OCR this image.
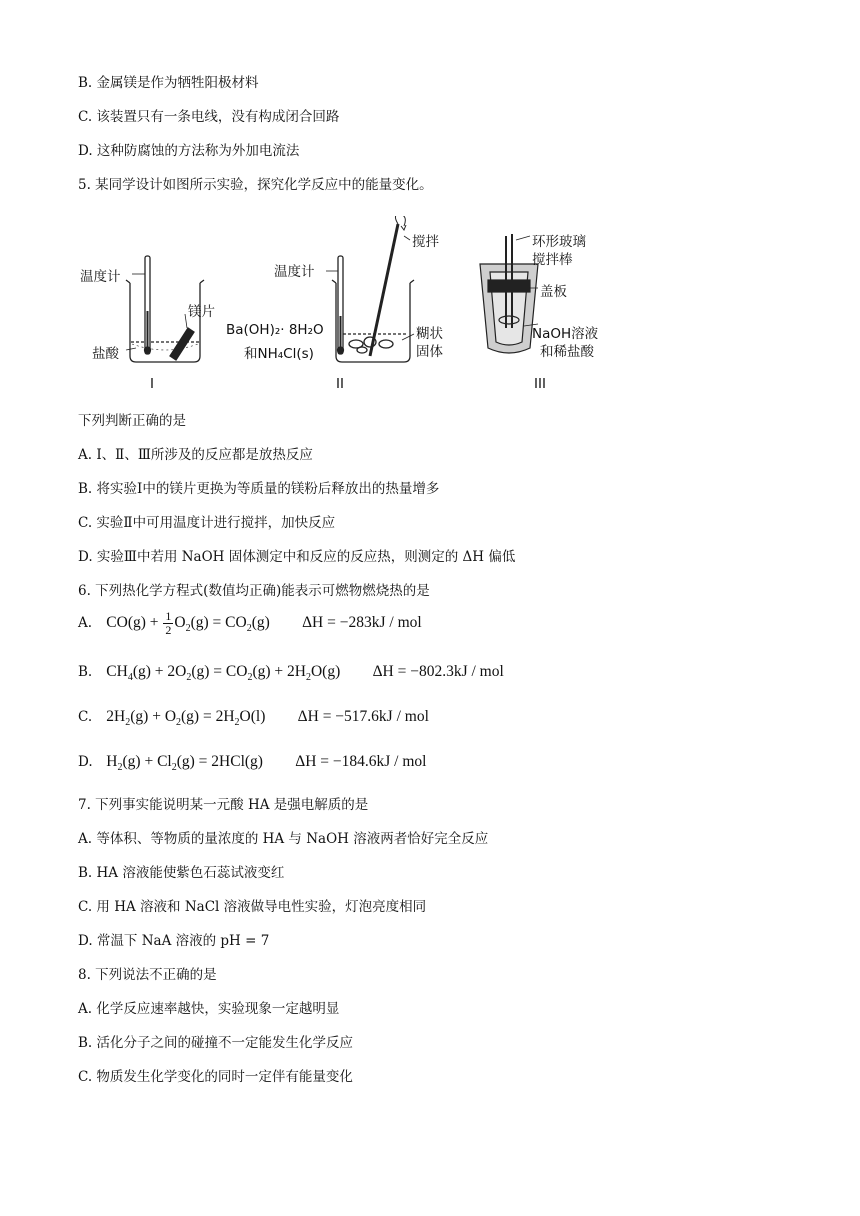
B. 金属镁是作为牺牲阳极材料
C. 该装置只有一条电线，没有构成闭合回路
D. 这种防腐蚀的方法称为外加电流法
5. 某同学设计如图所示实验，探究化学反应中的能量变化。
温度计
镁片
盐酸
I
搅拌
温度计
Ba(OH)₂· 8H₂O
和NH₄Cl(s)
糊状
固体
II
环形玻璃
搅拌棒
盖板
NaOH溶液
和稀盐酸
III
下列判断正确的是
A. Ⅰ、Ⅱ、Ⅲ所涉及的反应都是放热反应
B. 将实验Ⅰ中的镁片更换为等质量的镁粉后释放出的热量增多
C. 实验Ⅱ中可用温度计进行搅拌，加快反应
D. 实验Ⅲ中若用 NaOH 固体测定中和反应的反应热，则测定的 ΔH 偏低
6. 下列热化学方程式(数值均正确)能表示可燃物燃烧热的是
A. $CO(g) + \frac{1}{2} O_2(g) = CO_2(g) \Delta H = -283kJ$ / mol
B. $CH_4(g) + 2O_2(g) = CO_2(g) + 2H_2O(g) \Delta H = -802.3kJ$ / mol
C. $2H_2(g) + O_2(g) = 2H_2O(l) \Delta H = -517.6kJ$ / mol
D. $H_2(g) + Cl_2(g) = 2HCl(g) \Delta H = -184.6kJ$ / mol
7. 下列事实能说明某一元酸 HA 是强电解质的是
A. 等体积、等物质的量浓度的 HA 与 NaOH 溶液两者恰好完全反应
B. HA 溶液能使紫色石蕊试液变红
C. 用 HA 溶液和 NaCl 溶液做导电性实验，灯泡亮度相同
D. 常温下 NaA 溶液的 pH = 7
8. 下列说法不正确的是
A. 化学反应速率越快，实验现象一定越明显
B. 活化分子之间的碰撞不一定能发生化学反应
C. 物质发生化学变化的同时一定伴有能量变化
